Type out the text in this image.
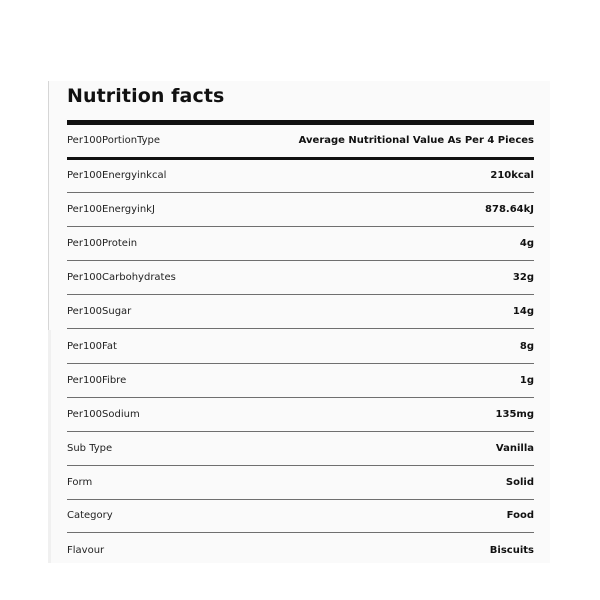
Nutrition facts
Per100PortionType	Average Nutritional Value As Per 4 Pieces
Per100Energyinkcal	210kcal
Per100EnergyinkJ	878.64kJ
Per100Protein	4g
Per100Carbohydrates	32g
Per100Sugar	14g
Per100Fat	8g
Per100Fibre	1g
Per100Sodium	135mg
Sub Type	Vanilla
Form	Solid
Category	Food
Flavour	Biscuits
